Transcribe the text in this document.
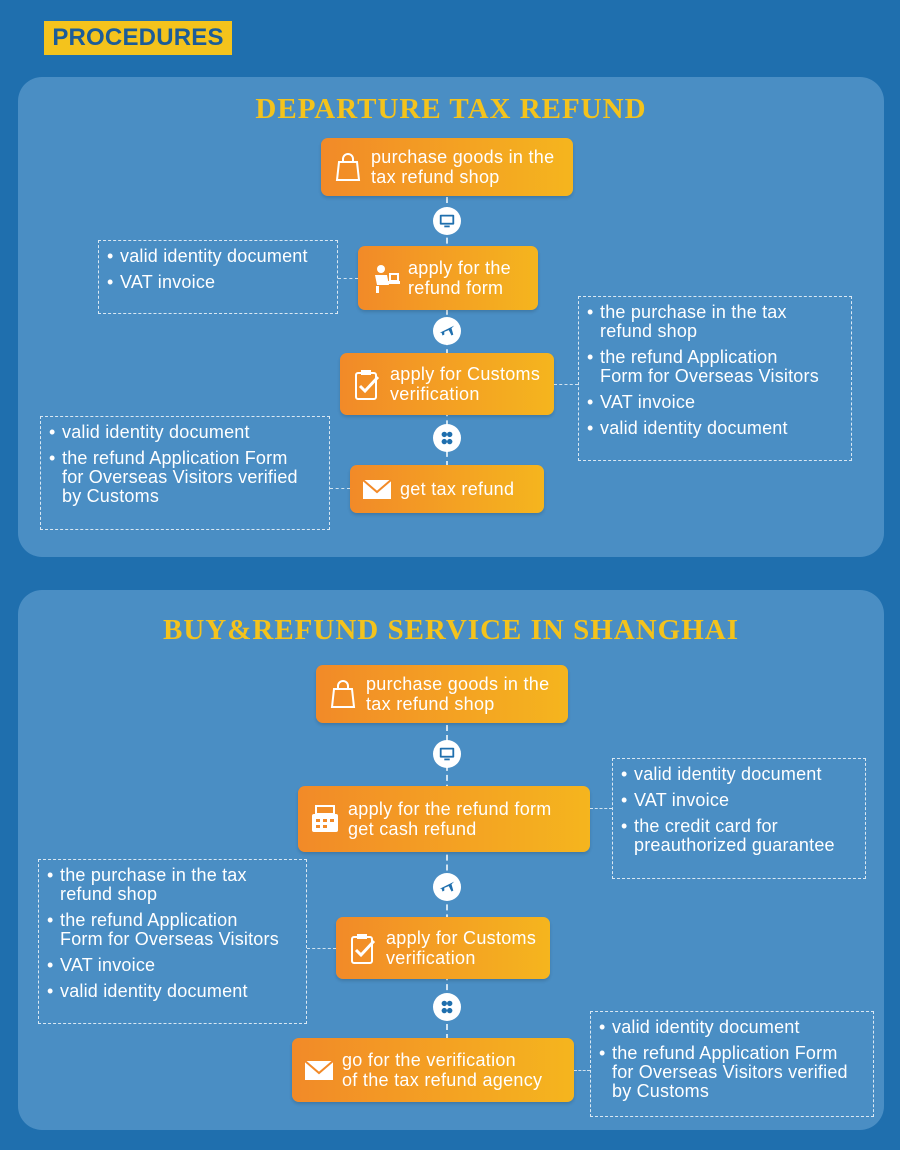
PROCEDURES
DEPARTURE TAX REFUND
purchase goods in the
tax refund shop
apply for the
refund form
apply for Customs
verification
get tax refund
• valid identity document
• VAT invoice
• the purchase in the tax
refund shop
• the refund Application
Form for Overseas Visitors
• VAT invoice
• valid identity document
• valid identity document
• the refund Application Form
for Overseas Visitors verified
by Customs
BUY&REFUND SERVICE IN SHANGHAI
purchase goods in the
tax refund shop
apply for the refund form
get cash refund
apply for Customs
verification
go for the verification
of the tax refund agency
• valid identity document
• VAT invoice
• the credit card for
preauthorized guarantee
• the purchase in the tax
refund shop
• the refund Application
Form for Overseas Visitors
• VAT invoice
• valid identity document
• valid identity document
• the refund Application Form
for Overseas Visitors verified
by Customs
